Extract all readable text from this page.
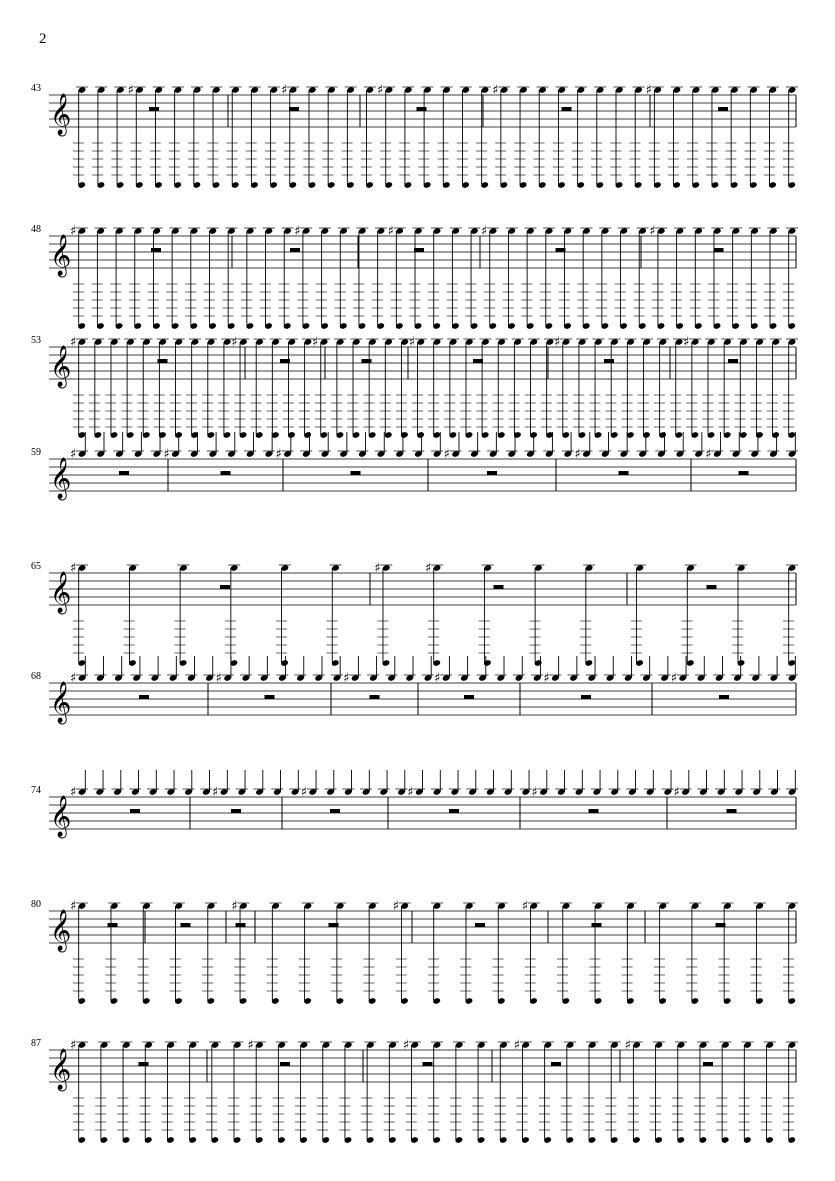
2
43
𝄞
♯	♯	♯	♯	♯
48
𝄞
♯	♯	♯	♯	♯
53
𝄞
♯	♯	♯	♯	♯	♯
59
𝄞
♯	♯	♯	♯	♯	♯
65
𝄞
♯	♯	♯
68
𝄞
♯	♯	♯	♯	♯	♯
74
𝄞
♯	♯	♯	♯	♯	♯
80
𝄞
♯	♯	♯	♯
87
𝄞
♯	♯	♯	♯	♯
